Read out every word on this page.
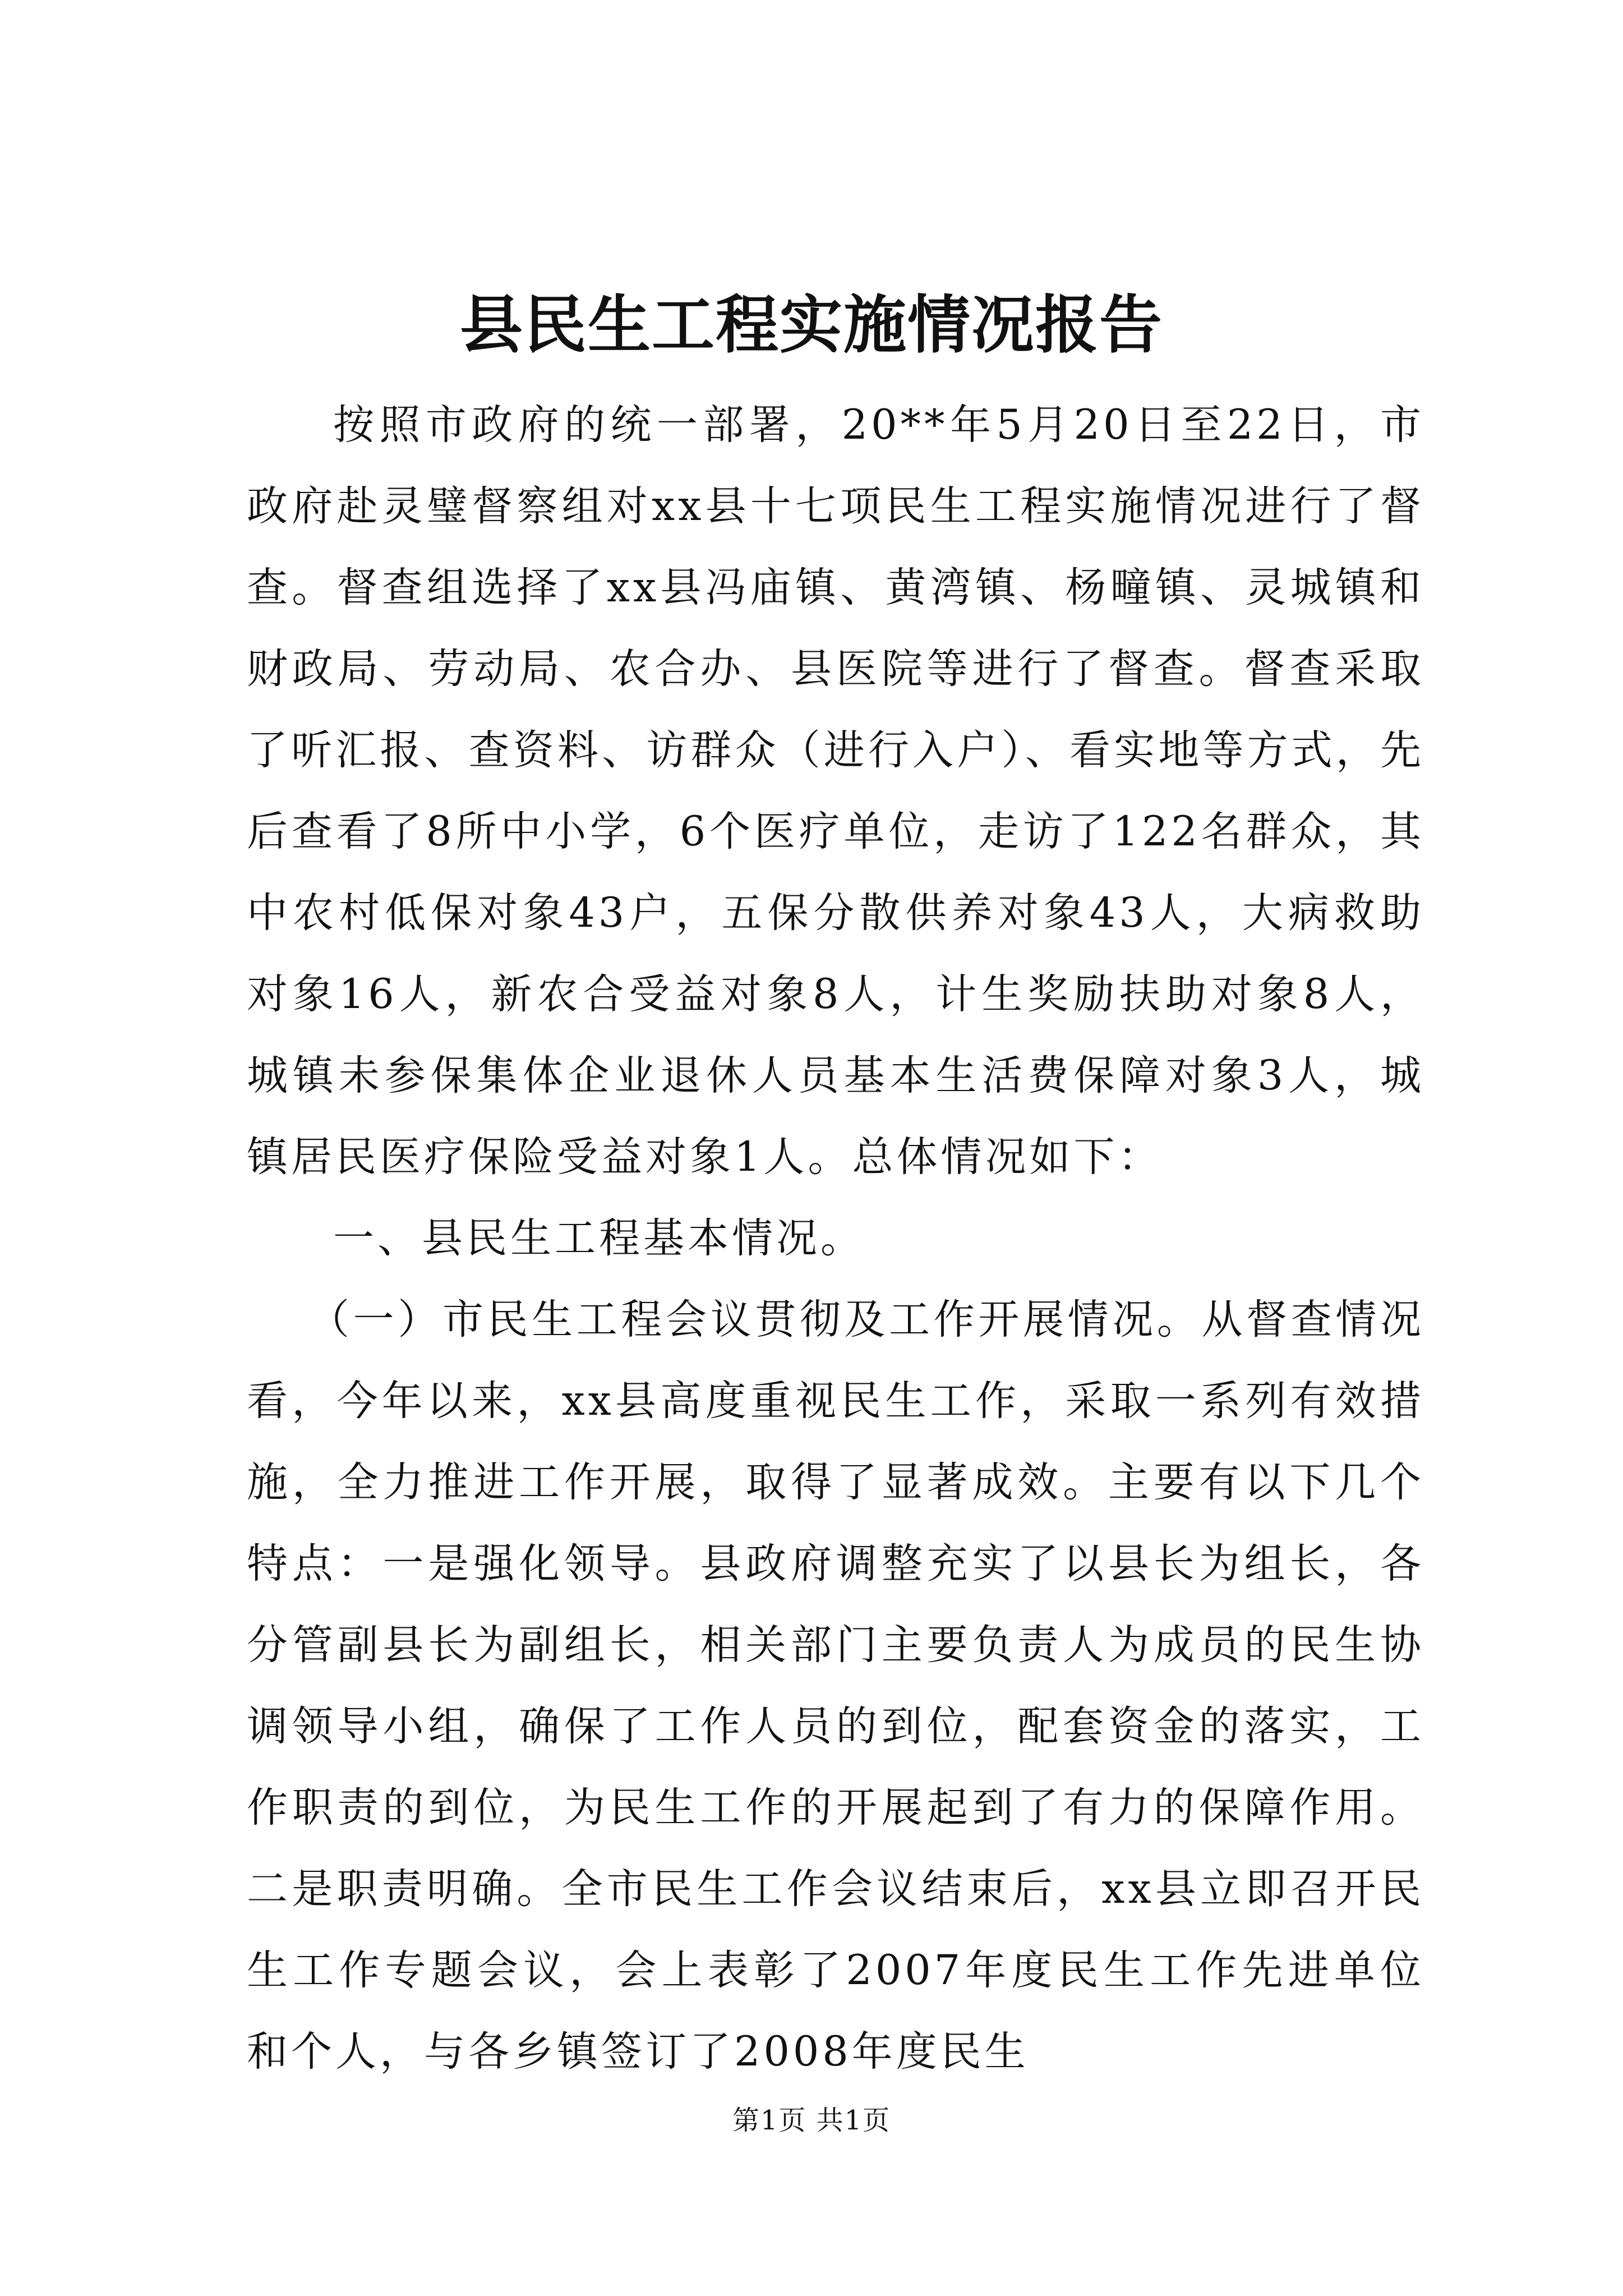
县民生工程实施情况报告

按照市政府的统一部署，20**年5月20日至22日，市政府赴灵璧督察组对xx县十七项民生工程实施情况进行了督查。督查组选择了xx县冯庙镇、黄湾镇、杨疃镇、灵城镇和财政局、劳动局、农合办、县医院等进行了督查。督查采取了听汇报、查资料、访群众（进行入户）、看实地等方式，先后查看了8所中小学，6个医疗单位，走访了122名群众，其中农村低保对象43户，五保分散供养对象43人，大病救助对象16人，新农合受益对象8人，计生奖励扶助对象8人，城镇未参保集体企业退休人员基本生活费保障对象3人，城镇居民医疗保险受益对象1人。总体情况如下：

一、县民生工程基本情况。

（一）市民生工程会议贯彻及工作开展情况。从督查情况看，今年以来，xx县高度重视民生工作，采取一系列有效措施，全力推进工作开展，取得了显著成效。主要有以下几个特点：一是强化领导。县政府调整充实了以县长为组长，各分管副县长为副组长，相关部门主要负责人为成员的民生协调领导小组，确保了工作人员的到位，配套资金的落实，工作职责的到位，为民生工作的开展起到了有力的保障作用。二是职责明确。全市民生工作会议结束后，xx县立即召开民生工作专题会议，会上表彰了2007年度民生工作先进单位和个人，与各乡镇签订了2008年度民生

第1页 共1页
